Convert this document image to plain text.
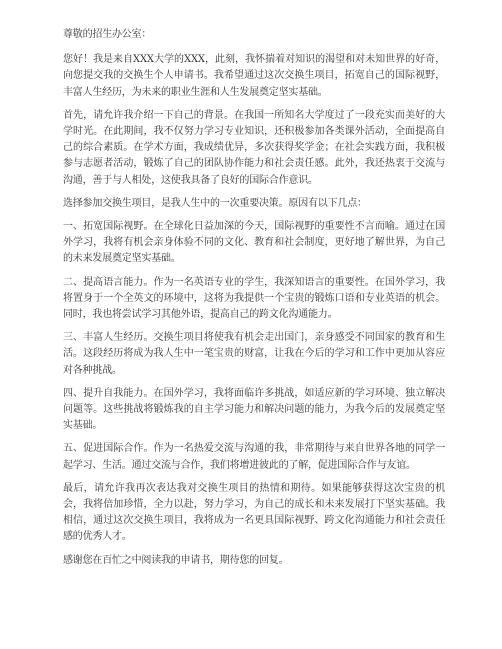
尊敬的招生办公室：

您好！我是来自XXX大学的XXX，此刻，我怀揣着对知识的渴望和对未知世界的好奇，向您提交我的交换生个人申请书。我希望通过这次交换生项目，拓宽自己的国际视野，丰富人生经历，为未来的职业生涯和人生发展奠定坚实基础。

首先，请允许我介绍一下自己的背景。在我国一所知名大学度过了一段充实而美好的大学时光。在此期间，我不仅努力学习专业知识，还积极参加各类课外活动，全面提高自己的综合素质。在学术方面，我成绩优异，多次获得奖学金；在社会实践方面，我积极参与志愿者活动，锻炼了自己的团队协作能力和社会责任感。此外，我还热衷于交流与沟通，善于与人相处，这使我具备了良好的国际合作意识。

选择参加交换生项目，是我人生中的一次重要决策。原因有以下几点：

一、拓宽国际视野。在全球化日益加深的今天，国际视野的重要性不言而喻。通过在国外学习，我将有机会亲身体验不同的文化、教育和社会制度，更好地了解世界，为自己的未来发展奠定坚实基础。

二、提高语言能力。作为一名英语专业的学生，我深知语言的重要性。在国外学习，我将置身于一个全英文的环境中，这将为我提供一个宝贵的锻炼口语和专业英语的机会。同时，我也将尝试学习其他外语，提高自己的跨文化沟通能力。

三、丰富人生经历。交换生项目将使我有机会走出国门，亲身感受不同国家的教育和生活。这段经历将成为我人生中一笔宝贵的财富，让我在今后的学习和工作中更加从容应对各种挑战。

四、提升自我能力。在国外学习，我将面临许多挑战，如适应新的学习环境、独立解决问题等。这些挑战将锻炼我的自主学习能力和解决问题的能力，为我今后的发展奠定坚实基础。

五、促进国际合作。作为一名热爱交流与沟通的我，非常期待与来自世界各地的同学一起学习、生活。通过交流与合作，我们将增进彼此的了解，促进国际合作与友谊。

最后，请允许我再次表达我对交换生项目的热情和期待。如果能够获得这次宝贵的机会，我将倍加珍惜，全力以赴，努力学习，为自己的成长和未来发展打下坚实基础。我相信，通过这次交换生项目，我将成为一名更具国际视野、跨文化沟通能力和社会责任感的优秀人才。

感谢您在百忙之中阅读我的申请书，期待您的回复。
